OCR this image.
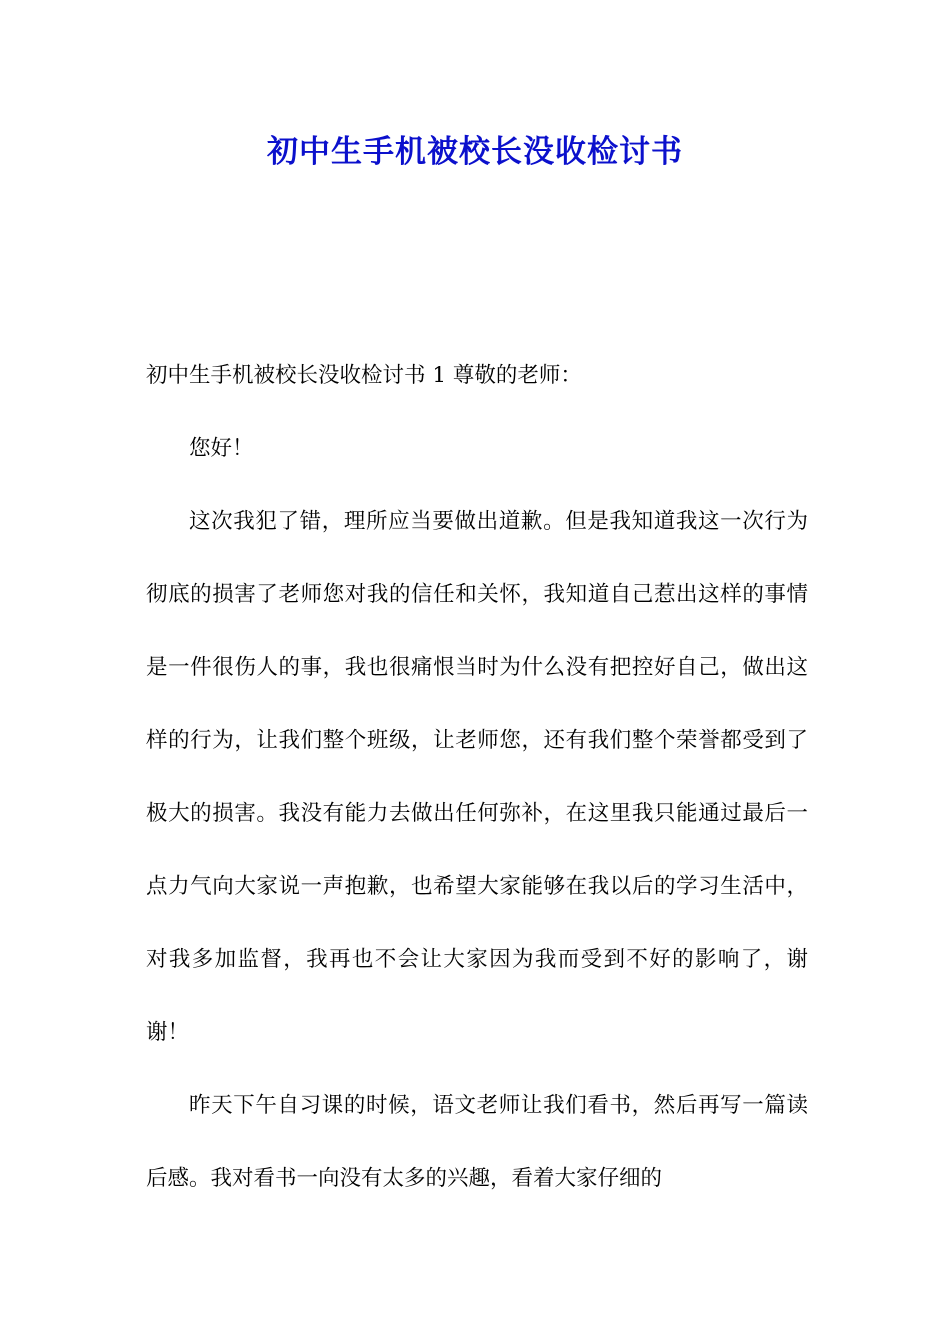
初中生手机被校长没收检讨书

初中生手机被校长没收检讨书 1 尊敬的老师：

您好！

这次我犯了错，理所应当要做出道歉。但是我知道我这一次行为彻底的损害了老师您对我的信任和关怀，我知道自己惹出这样的事情是一件很伤人的事，我也很痛恨当时为什么没有把控好自己，做出这样的行为，让我们整个班级，让老师您，还有我们整个荣誉都受到了极大的损害。我没有能力去做出任何弥补，在这里我只能通过最后一点力气向大家说一声抱歉，也希望大家能够在我以后的学习生活中，对我多加监督，我再也不会让大家因为我而受到不好的影响了，谢谢！

昨天下午自习课的时候，语文老师让我们看书，然后再写一篇读后感。我对看书一向没有太多的兴趣，看着大家仔细的
